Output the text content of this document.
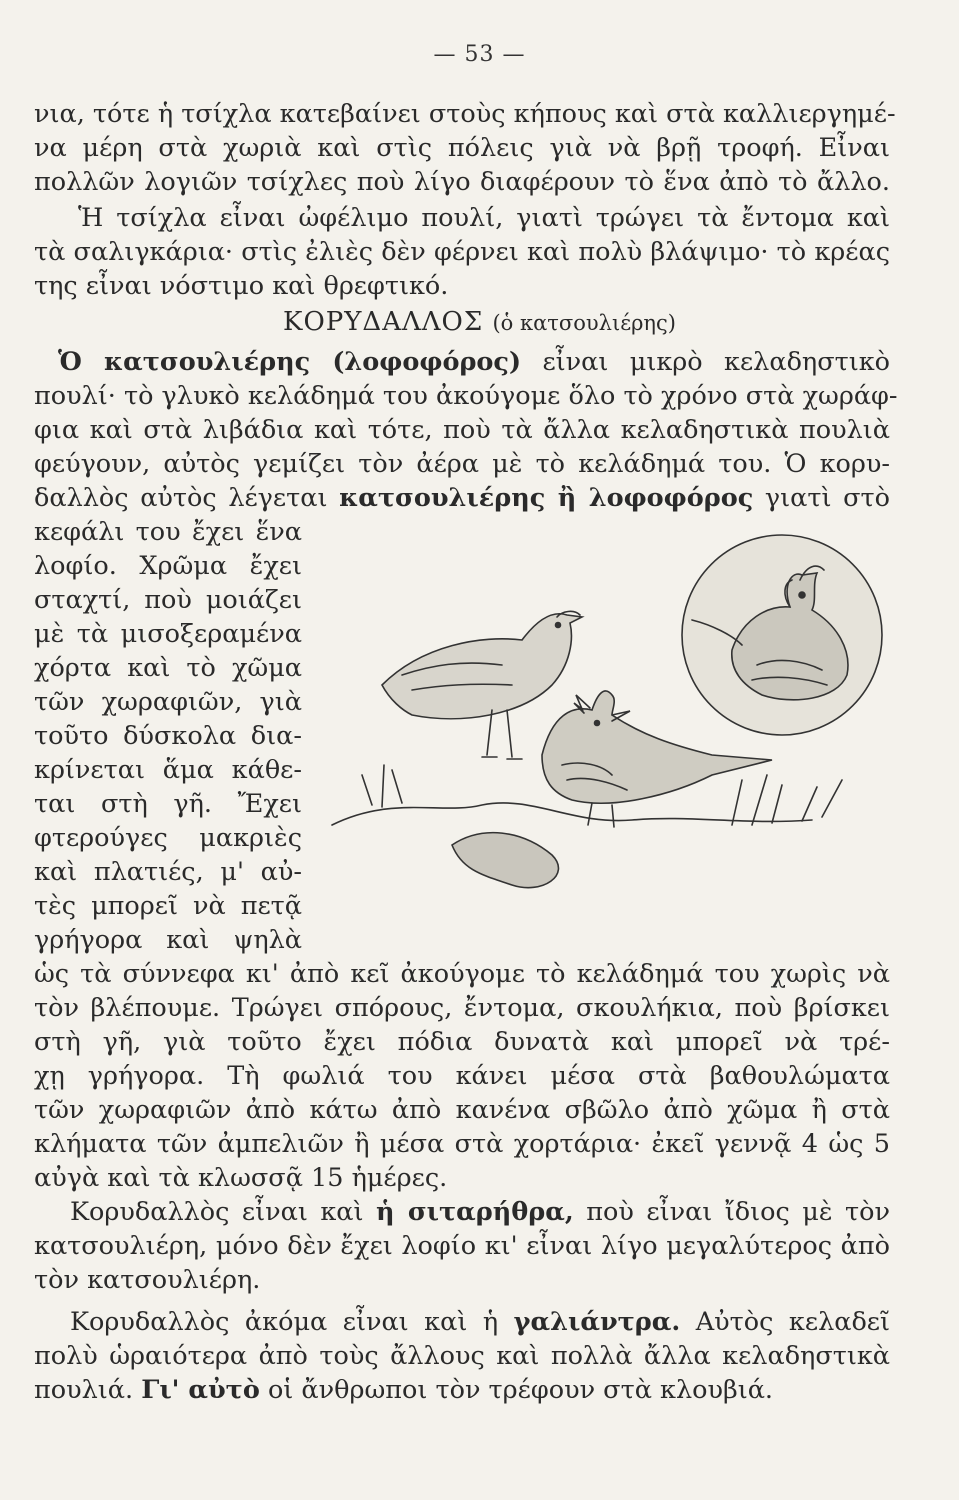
— 53 —
νια, τότε ἡ τσίχλα κατεβαίνει στοὺς κήπους καὶ στὰ καλλιεργημέ-
να μέρη στὰ χωριὰ καὶ στὶς πόλεις γιὰ νὰ βρῇ τροφή. Εἶναι
πολλῶν λογιῶν τσίχλες ποὺ λίγο διαφέρουν τὸ ἕνα ἀπὸ τὸ ἄλλο.
Ἡ τσίχλα εἶναι ὠφέλιμο πουλί, γιατὶ τρώγει τὰ ἔντομα καὶ
τὰ σαλιγκάρια· στὶς ἐλιὲς δὲν φέρνει καὶ πολὺ βλάψιμο· τὸ κρέας
της εἶναι νόστιμο καὶ θρεφτικό.
ΚΟΡΥΔΑΛΛΟΣ (ὁ κατσουλιέρης)
Ὁ κατσουλιέρης (λοφοφόρος) εἶναι μικρὸ κελαδηστικὸ
πουλί· τὸ γλυκὸ κελάδημά του ἀκούγομε ὅλο τὸ χρόνο στὰ χωράφ-
φια καὶ στὰ λιβάδια καὶ τότε, ποὺ τὰ ἄλλα κελαδηστικὰ πουλιὰ
φεύγουν, αὐτὸς γεμίζει τὸν ἀέρα μὲ τὸ κελάδημά του. Ὁ κορυ-
δαλλὸς αὐτὸς λέγεται κατσουλιέρης ἢ λοφοφόρος γιατὶ στὸ
κεφάλι του ἔχει ἕνα
λοφίο. Χρῶμα ἔχει
σταχτί, ποὺ μοιάζει
μὲ τὰ μισοξεραμένα
χόρτα καὶ τὸ χῶμα
τῶν χωραφιῶν, γιὰ
τοῦτο δύσκολα δια-
κρίνεται ἅμα κάθε-
ται στὴ γῆ. Ἔχει
φτερούγες μακριὲς
καὶ πλατιές, μ' αὐ-
τὲς μπορεῖ νὰ πετᾷ
γρήγορα καὶ ψηλὰ
ὡς τὰ σύννεφα κι' ἀπὸ κεῖ ἀκούγομε τὸ κελάδημά του χωρὶς νὰ
τὸν βλέπουμε. Τρώγει σπόρους, ἔντομα, σκουλήκια, ποὺ βρίσκει
στὴ γῆ, γιὰ τοῦτο ἔχει πόδια δυνατὰ καὶ μπορεῖ νὰ τρέ-
χῃ γρήγορα. Τὴ φωλιά του κάνει μέσα στὰ βαθουλώματα
τῶν χωραφιῶν ἀπὸ κάτω ἀπὸ κανένα σβῶλο ἀπὸ χῶμα ἢ στὰ
κλήματα τῶν ἀμπελιῶν ἢ μέσα στὰ χορτάρια· ἐκεῖ γεννᾷ 4 ὡς 5
αὐγὰ καὶ τὰ κλωσσᾷ 15 ἡμέρες.
Κορυδαλλὸς εἶναι καὶ ἡ σιταρήθρα, ποὺ εἶναι ἴδιος μὲ τὸν
κατσουλιέρη, μόνο δὲν ἔχει λοφίο κι' εἶναι λίγο μεγαλύτερος ἀπὸ
τὸν κατσουλιέρη.
Κορυδαλλὸς ἀκόμα εἶναι καὶ ἡ γαλιάντρα. Αὐτὸς κελαδεῖ
πολὺ ὡραιότερα ἀπὸ τοὺς ἄλλους καὶ πολλὰ ἄλλα κελαδηστικὰ
πουλιά. Γι' αὐτὸ οἱ ἄνθρωποι τὸν τρέφουν στὰ κλουβιά.
